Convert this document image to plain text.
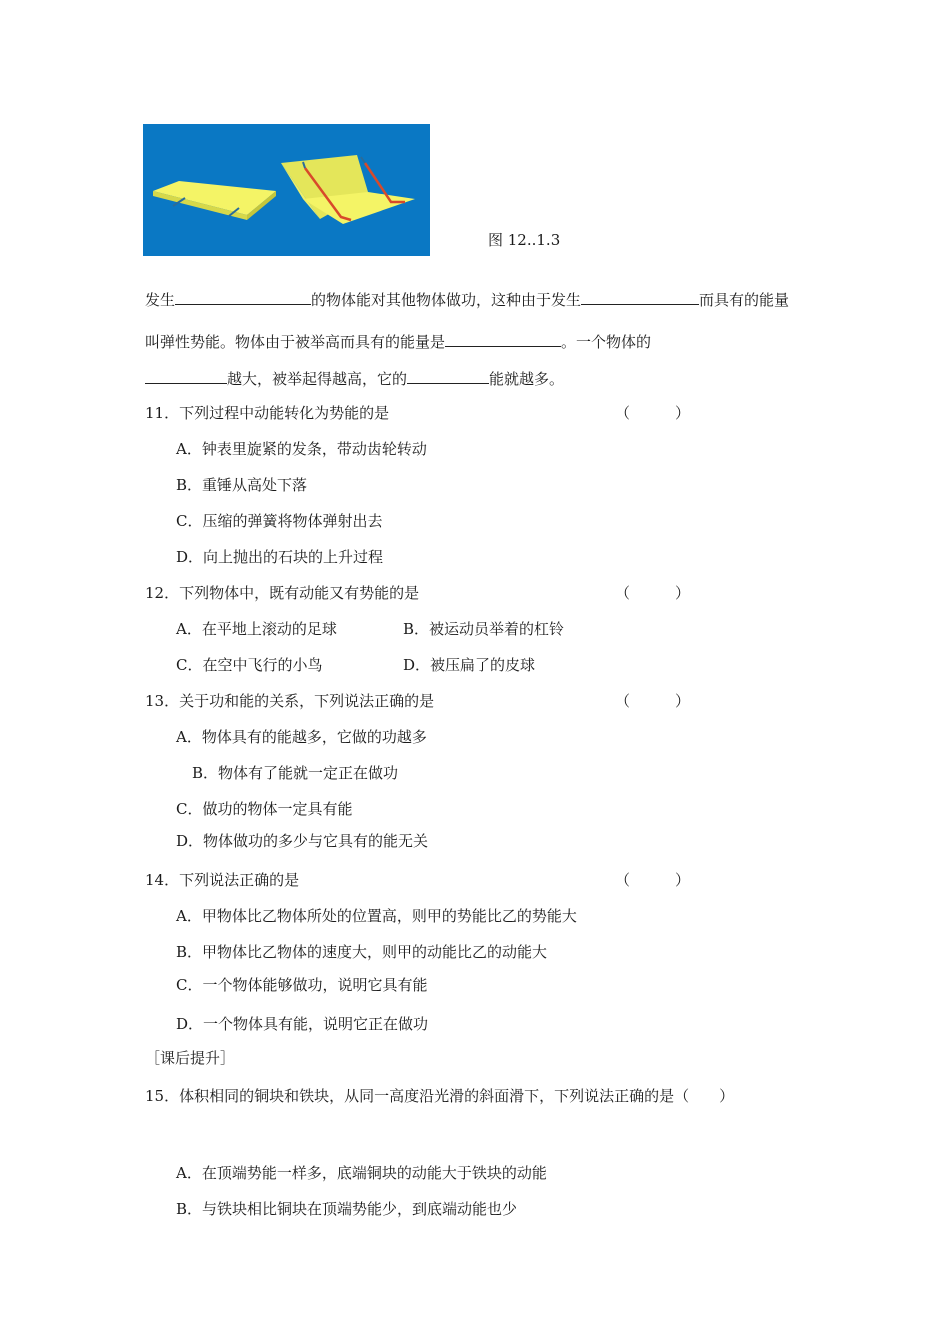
图 12..1.3
发生	的物体能对其他物体做功，这种由于发生	而具有的能量
叫弹性势能。物体由于被举高而具有的能量是	。一个物体的
越大，被举起得越高，它的	能就越多。
11．下列过程中动能转化为势能的是	（　　　）
A．钟表里旋紧的发条，带动齿轮转动
B．重锤从高处下落
C．压缩的弹簧将物体弹射出去
D．向上抛出的石块的上升过程
12．下列物体中，既有动能又有势能的是	（　　　）
A．在平地上滚动的足球	B．被运动员举着的杠铃
C．在空中飞行的小鸟	D．被压扁了的皮球
13．关于功和能的关系，下列说法正确的是	（　　　）
A．物体具有的能越多，它做的功越多
B．物体有了能就一定正在做功
C．做功的物体一定具有能
D．物体做功的多少与它具有的能无关
14．下列说法正确的是	（　　　）
A．甲物体比乙物体所处的位置高，则甲的势能比乙的势能大
B．甲物体比乙物体的速度大，则甲的动能比乙的动能大
C．一个物体能够做功，说明它具有能
D．一个物体具有能，说明它正在做功
［课后提升］
15．体积相同的铜块和铁块，从同一高度沿光滑的斜面滑下，下列说法正确的是（　　）
A．在顶端势能一样多，底端铜块的动能大于铁块的动能
B．与铁块相比铜块在顶端势能少，到底端动能也少
